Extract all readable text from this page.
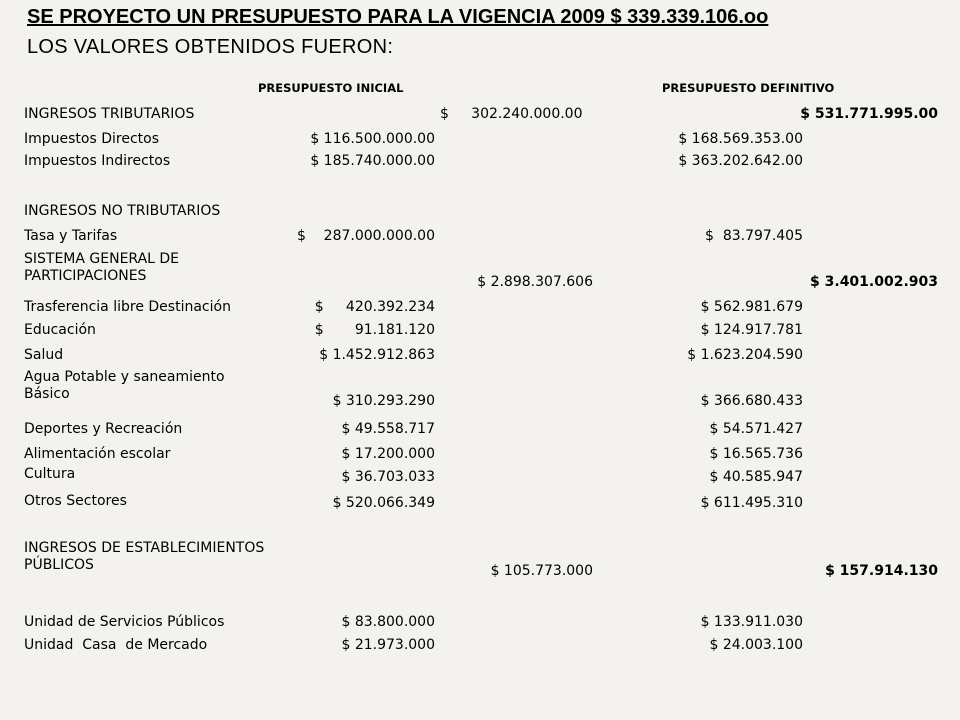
SE PROYECTO UN PRESUPUESTO PARA LA VIGENCIA 2009 $ 339.339.106.oo
LOS VALORES OBTENIDOS FUERON:
PRESUPUESTO INICIAL	PRESUPUESTO DEFINITIVO
INGRESOS TRIBUTARIOS	$     302.240.000.00	$ 531.771.995.00
Impuestos Directos	$ 116.500.000.00	$ 168.569.353.00
Impuestos Indirectos	$ 185.740.000.00	$ 363.202.642.00
INGRESOS NO TRIBUTARIOS
Tasa y Tarifas	$    287.000.000.00	$  83.797.405
SISTEMA GENERAL DE PARTICIPACIONES	$ 2.898.307.606	$ 3.401.002.903
Trasferencia libre Destinación	$     420.392.234	$ 562.981.679
Educación	$       91.181.120	$ 124.917.781
Salud	$ 1.452.912.863	$ 1.623.204.590
Agua Potable y saneamiento Básico	$ 310.293.290	$ 366.680.433
Deportes y Recreación	$ 49.558.717	$ 54.571.427
Alimentación escolar	$ 17.200.000	$ 16.565.736
Cultura	$ 36.703.033	$ 40.585.947
Otros Sectores	$ 520.066.349	$ 611.495.310
INGRESOS DE ESTABLECIMIENTOS PÚBLICOS	$ 105.773.000	$ 157.914.130
Unidad de Servicios Públicos	$ 83.800.000	$ 133.911.030
Unidad  Casa  de Mercado	$ 21.973.000	$ 24.003.100
